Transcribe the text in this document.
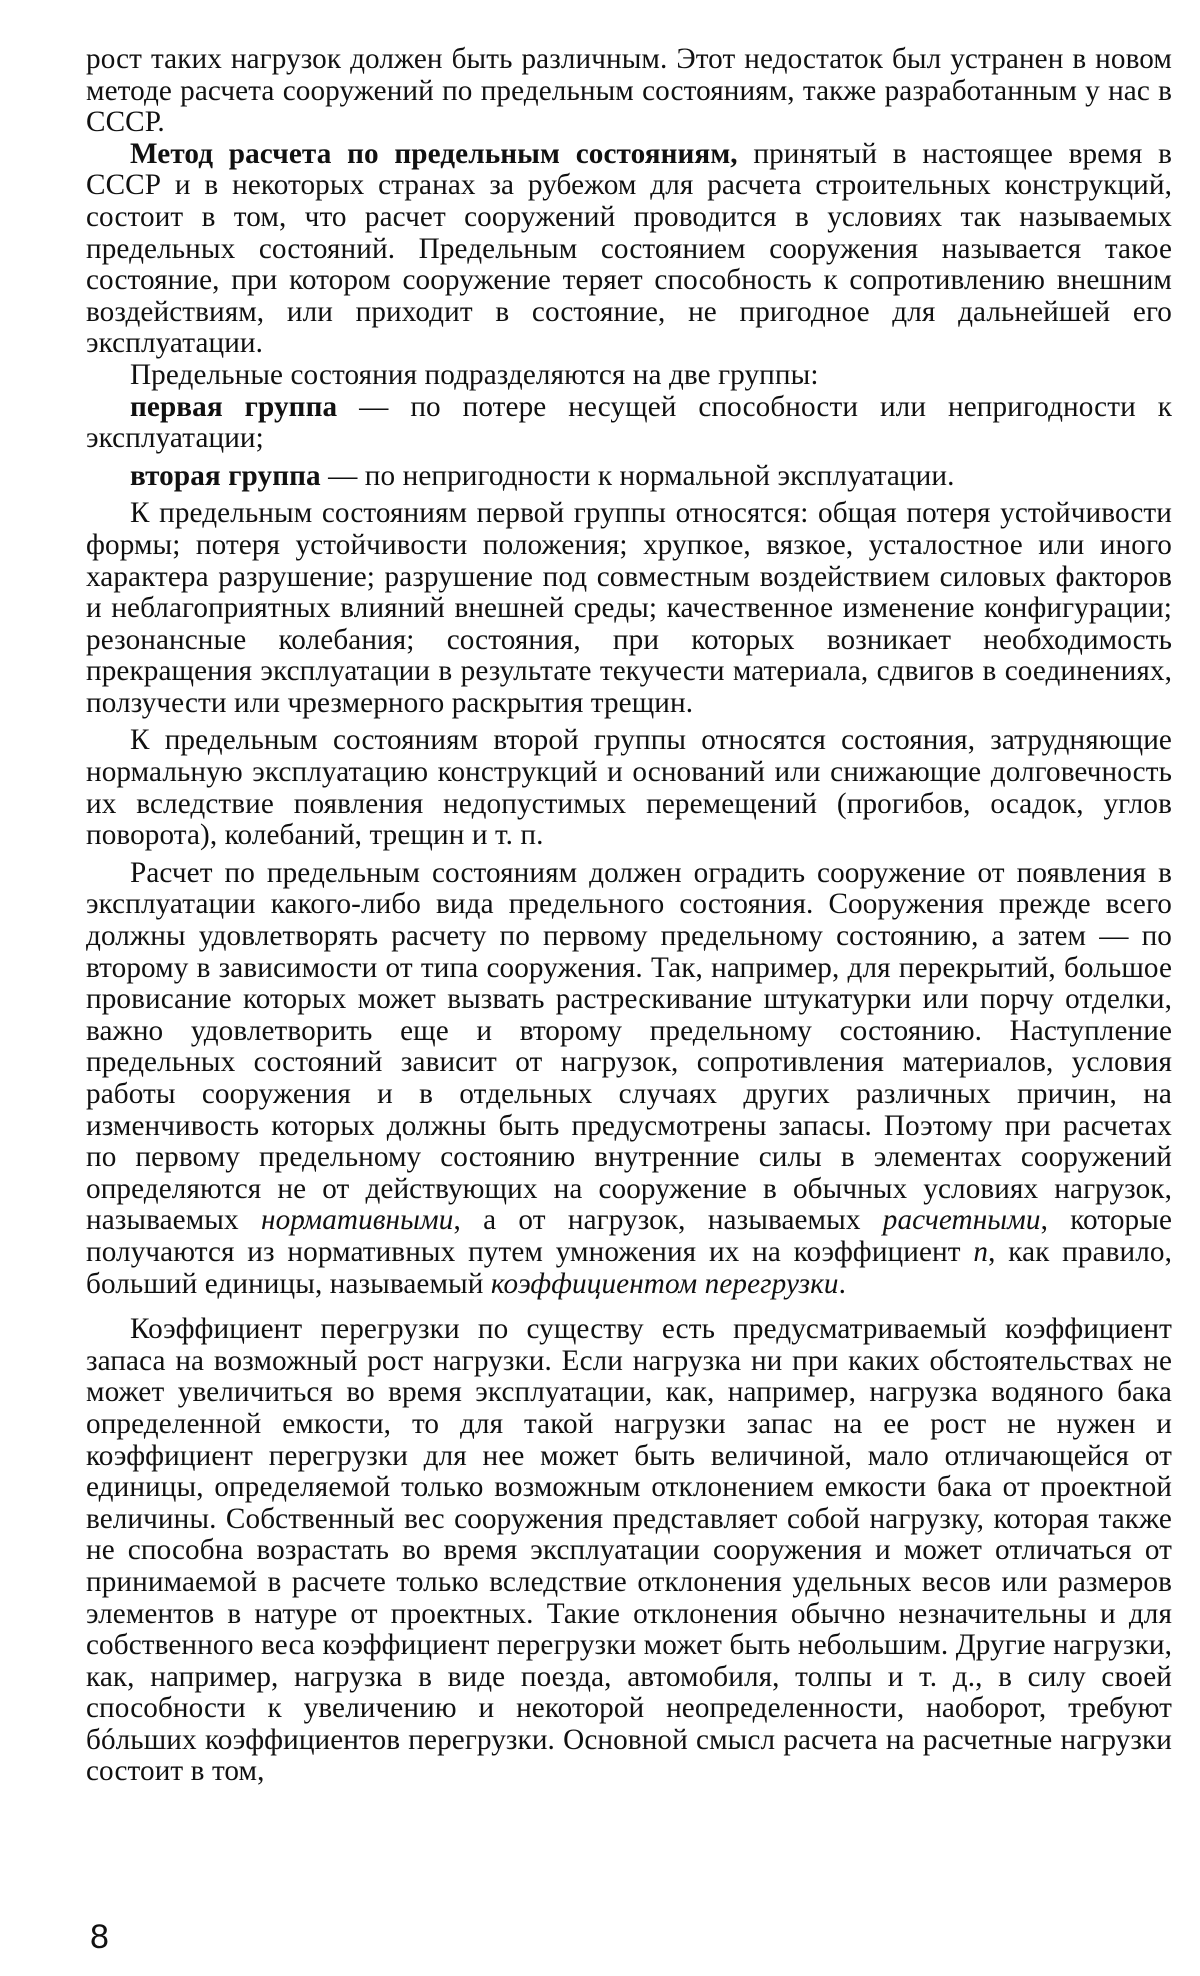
рост таких нагрузок должен быть различным. Этот недостаток был устранен в новом методе расчета сооружений по предельным состояниям, также разработанным у нас в СССР.

Метод расчета по предельным состояниям, принятый в настоящее время в СССР и в некоторых странах за рубежом для расчета строительных конструкций, состоит в том, что расчет сооружений проводится в условиях так называемых предельных состояний. Предельным состоянием сооружения называется такое состояние, при котором сооружение теряет способность к сопротивлению внешним воздействиям, или приходит в состояние, не пригодное для дальнейшей его эксплуатации.

Предельные состояния подразделяются на две группы:

первая группа — по потере несущей способности или непригодности к эксплуатации;

вторая группа — по непригодности к нормальной эксплуатации.

К предельным состояниям первой группы относятся: общая потеря устойчивости формы; потеря устойчивости положения; хрупкое, вязкое, усталостное или иного характера разрушение; разрушение под совместным воздействием силовых факторов и неблагоприятных влияний внешней среды; качественное изменение конфигурации; резонансные колебания; состояния, при которых возникает необходимость прекращения эксплуатации в результате текучести материала, сдвигов в соединениях, ползучести или чрезмерного раскрытия трещин.

К предельным состояниям второй группы относятся состояния, затрудняющие нормальную эксплуатацию конструкций и оснований или снижающие долговечность их вследствие появления недопустимых перемещений (прогибов, осадок, углов поворота), колебаний, трещин и т. п.

Расчет по предельным состояниям должен оградить сооружение от появления в эксплуатации какого-либо вида предельного состояния. Сооружения прежде всего должны удовлетворять расчету по первому предельному состоянию, а затем — по второму в зависимости от типа сооружения. Так, например, для перекрытий, большое провисание которых может вызвать растрескивание штукатурки или порчу отделки, важно удовлетворить еще и второму предельному состоянию. Наступление предельных состояний зависит от нагрузок, сопротивления материалов, условия работы сооружения и в отдельных случаях других различных причин, на изменчивость которых должны быть предусмотрены запасы. Поэтому при расчетах по первому предельному состоянию внутренние силы в элементах сооружений определяются не от действующих на сооружение в обычных условиях нагрузок, называемых нормативными, а от нагрузок, называемых расчетными, которые получаются из нормативных путем умножения их на коэффициент n, как правило, больший единицы, называемый коэффициентом перегрузки.

Коэффициент перегрузки по существу есть предусматриваемый коэффициент запаса на возможный рост нагрузки. Если нагрузка ни при каких обстоятельствах не может увеличиться во время эксплуатации, как, например, нагрузка водяного бака определенной емкости, то для такой нагрузки запас на ее рост не нужен и коэффициент перегрузки для нее может быть величиной, мало отличающейся от единицы, определяемой только возможным отклонением емкости бака от проектной величины. Собственный вес сооружения представляет собой нагрузку, которая также не способна возрастать во время эксплуатации сооружения и может отличаться от принимаемой в расчете только вследствие отклонения удельных весов или размеров элементов в натуре от проектных. Такие отклонения обычно незначительны и для собственного веса коэффициент перегрузки может быть небольшим. Другие нагрузки, как, например, нагрузка в виде поезда, автомобиля, толпы и т. д., в силу своей способности к увеличению и некоторой неопределенности, наоборот, требуют бóльших коэффициентов перегрузки. Основной смысл расчета на расчетные нагрузки состоит в том,

8
